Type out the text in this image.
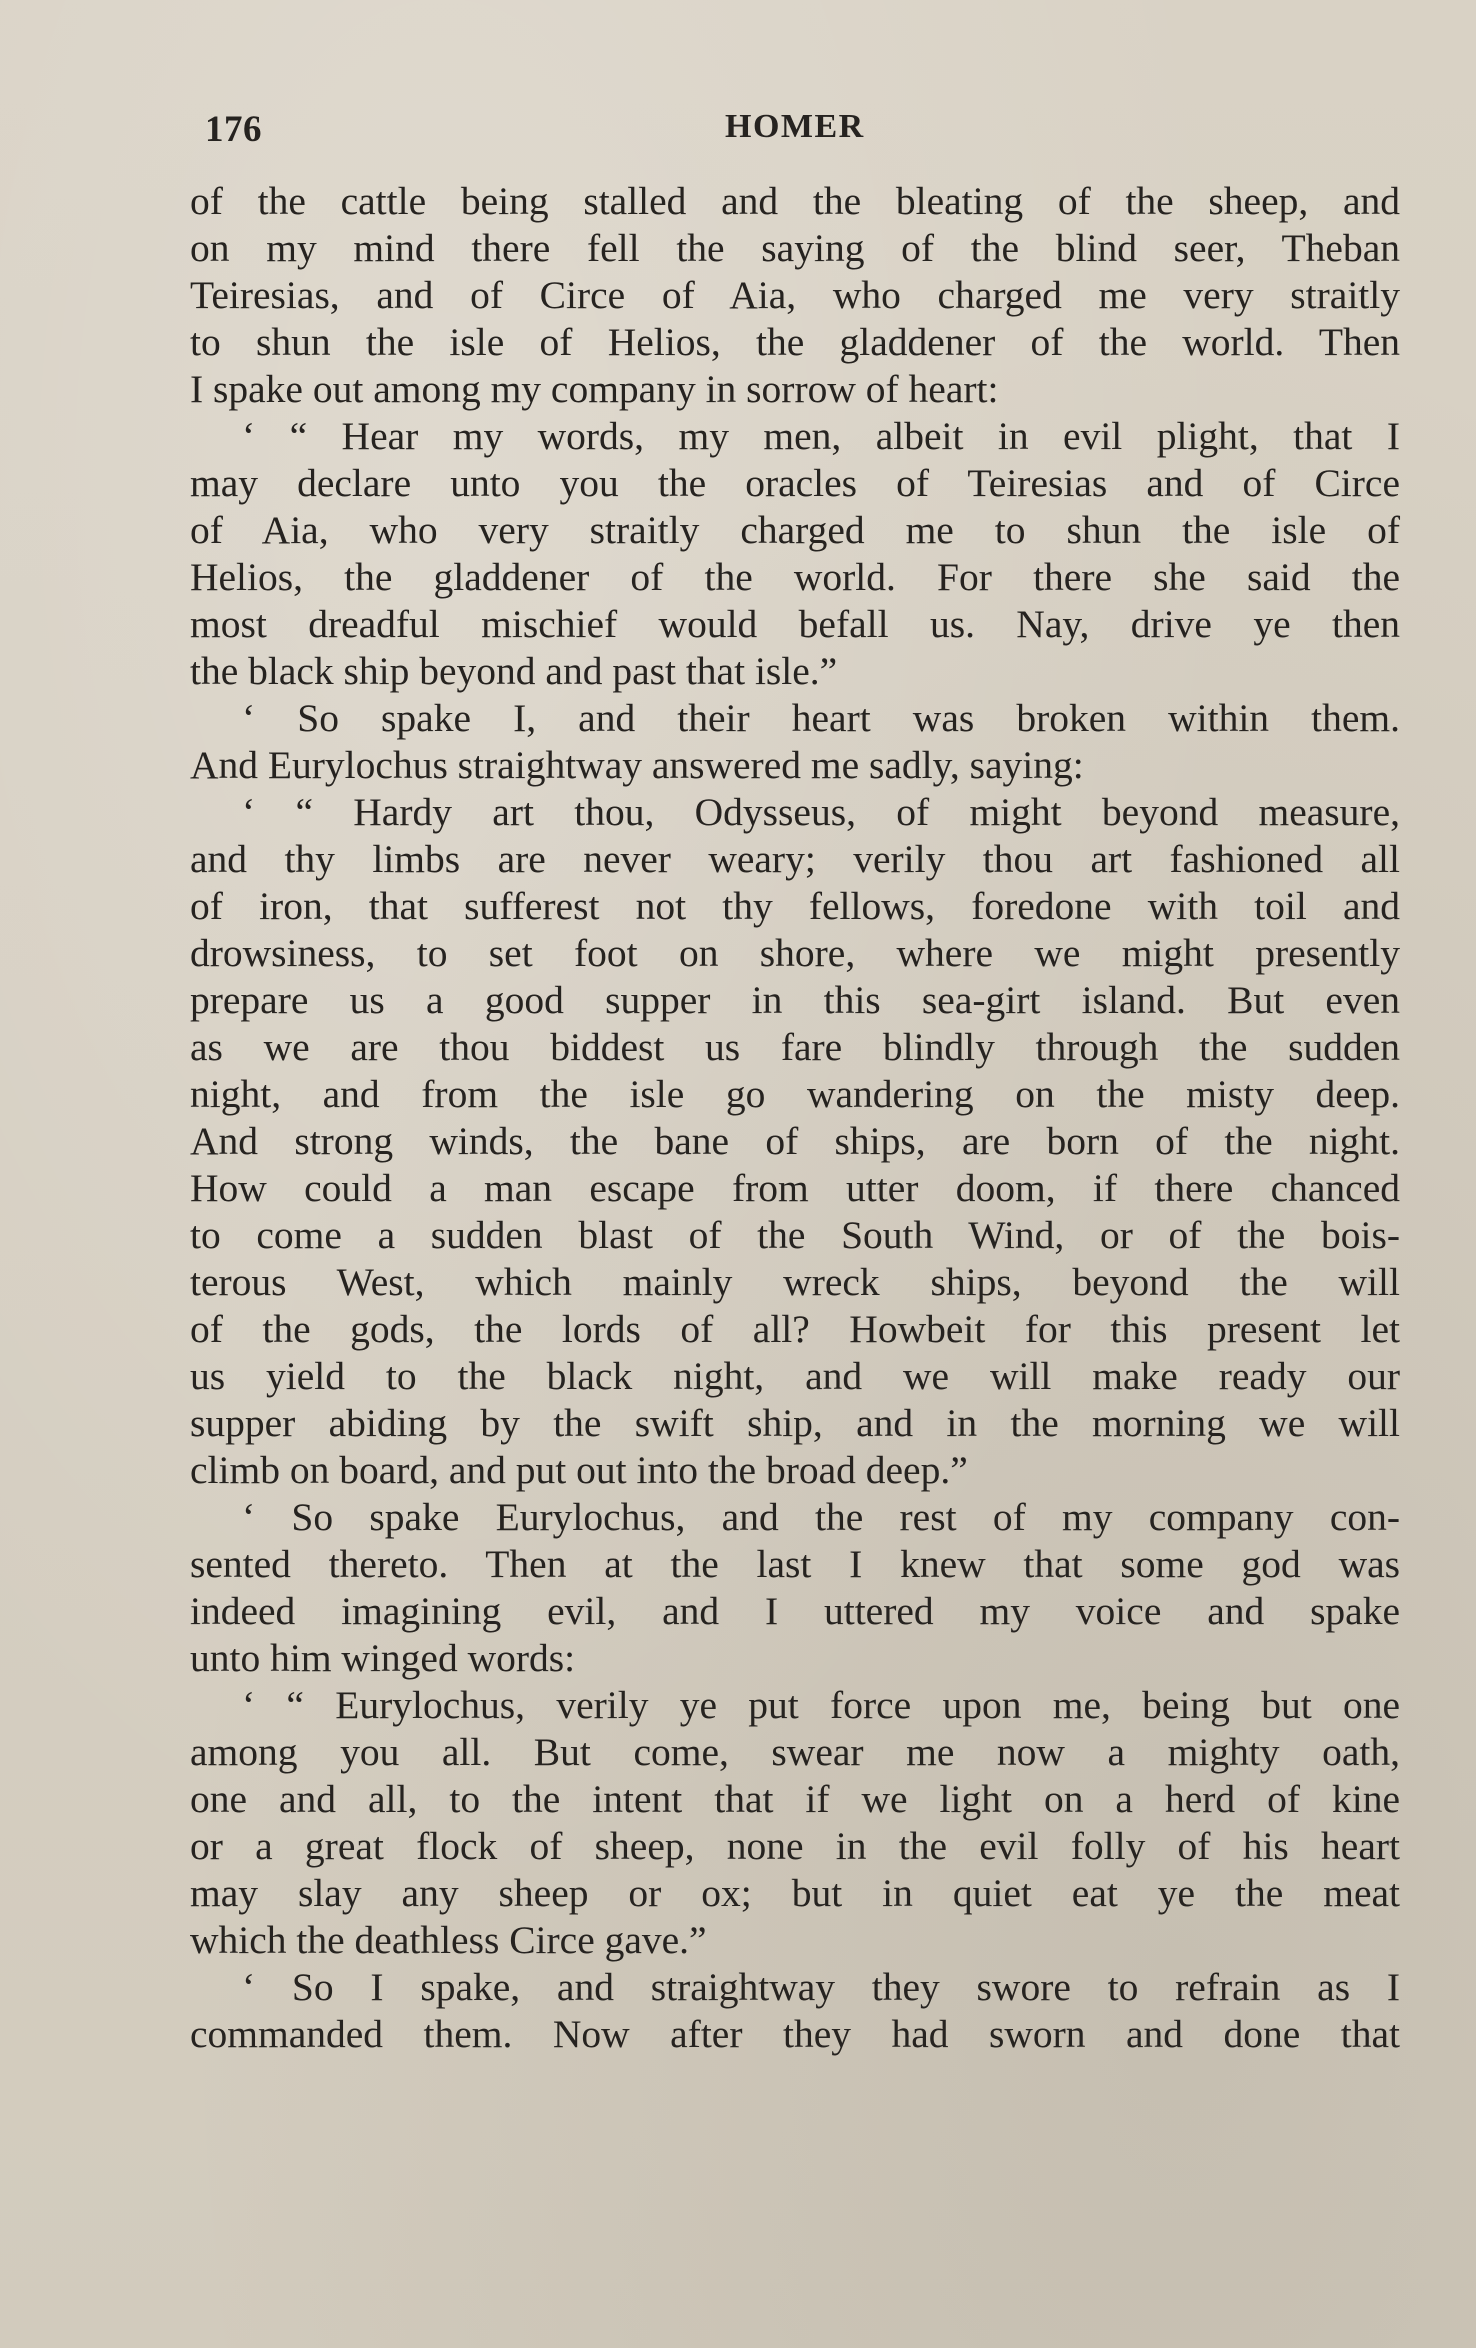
176	HOMER
of the cattle being stalled and the bleating of the sheep, and
on my mind there fell the saying of the blind seer, Theban
Teiresias, and of Circe of Aia, who charged me very straitly
to shun the isle of Helios, the gladdener of the world. Then
I spake out among my company in sorrow of heart:
‘ “ Hear my words, my men, albeit in evil plight, that I
may declare unto you the oracles of Teiresias and of Circe
of Aia, who very straitly charged me to shun the isle of
Helios, the gladdener of the world. For there she said the
most dreadful mischief would befall us. Nay, drive ye then
the black ship beyond and past that isle.”
‘ So spake I, and their heart was broken within them.
And Eurylochus straightway answered me sadly, saying:
‘ “ Hardy art thou, Odysseus, of might beyond measure,
and thy limbs are never weary; verily thou art fashioned all
of iron, that sufferest not thy fellows, foredone with toil and
drowsiness, to set foot on shore, where we might presently
prepare us a good supper in this sea-girt island. But even
as we are thou biddest us fare blindly through the sudden
night, and from the isle go wandering on the misty deep.
And strong winds, the bane of ships, are born of the night.
How could a man escape from utter doom, if there chanced
to come a sudden blast of the South Wind, or of the bois-
terous West, which mainly wreck ships, beyond the will
of the gods, the lords of all? Howbeit for this present let
us yield to the black night, and we will make ready our
supper abiding by the swift ship, and in the morning we will
climb on board, and put out into the broad deep.”
‘ So spake Eurylochus, and the rest of my company con-
sented thereto. Then at the last I knew that some god was
indeed imagining evil, and I uttered my voice and spake
unto him winged words:
‘ “ Eurylochus, verily ye put force upon me, being but one
among you all. But come, swear me now a mighty oath,
one and all, to the intent that if we light on a herd of kine
or a great flock of sheep, none in the evil folly of his heart
may slay any sheep or ox; but in quiet eat ye the meat
which the deathless Circe gave.”
‘ So I spake, and straightway they swore to refrain as I
commanded them. Now after they had sworn and done that
